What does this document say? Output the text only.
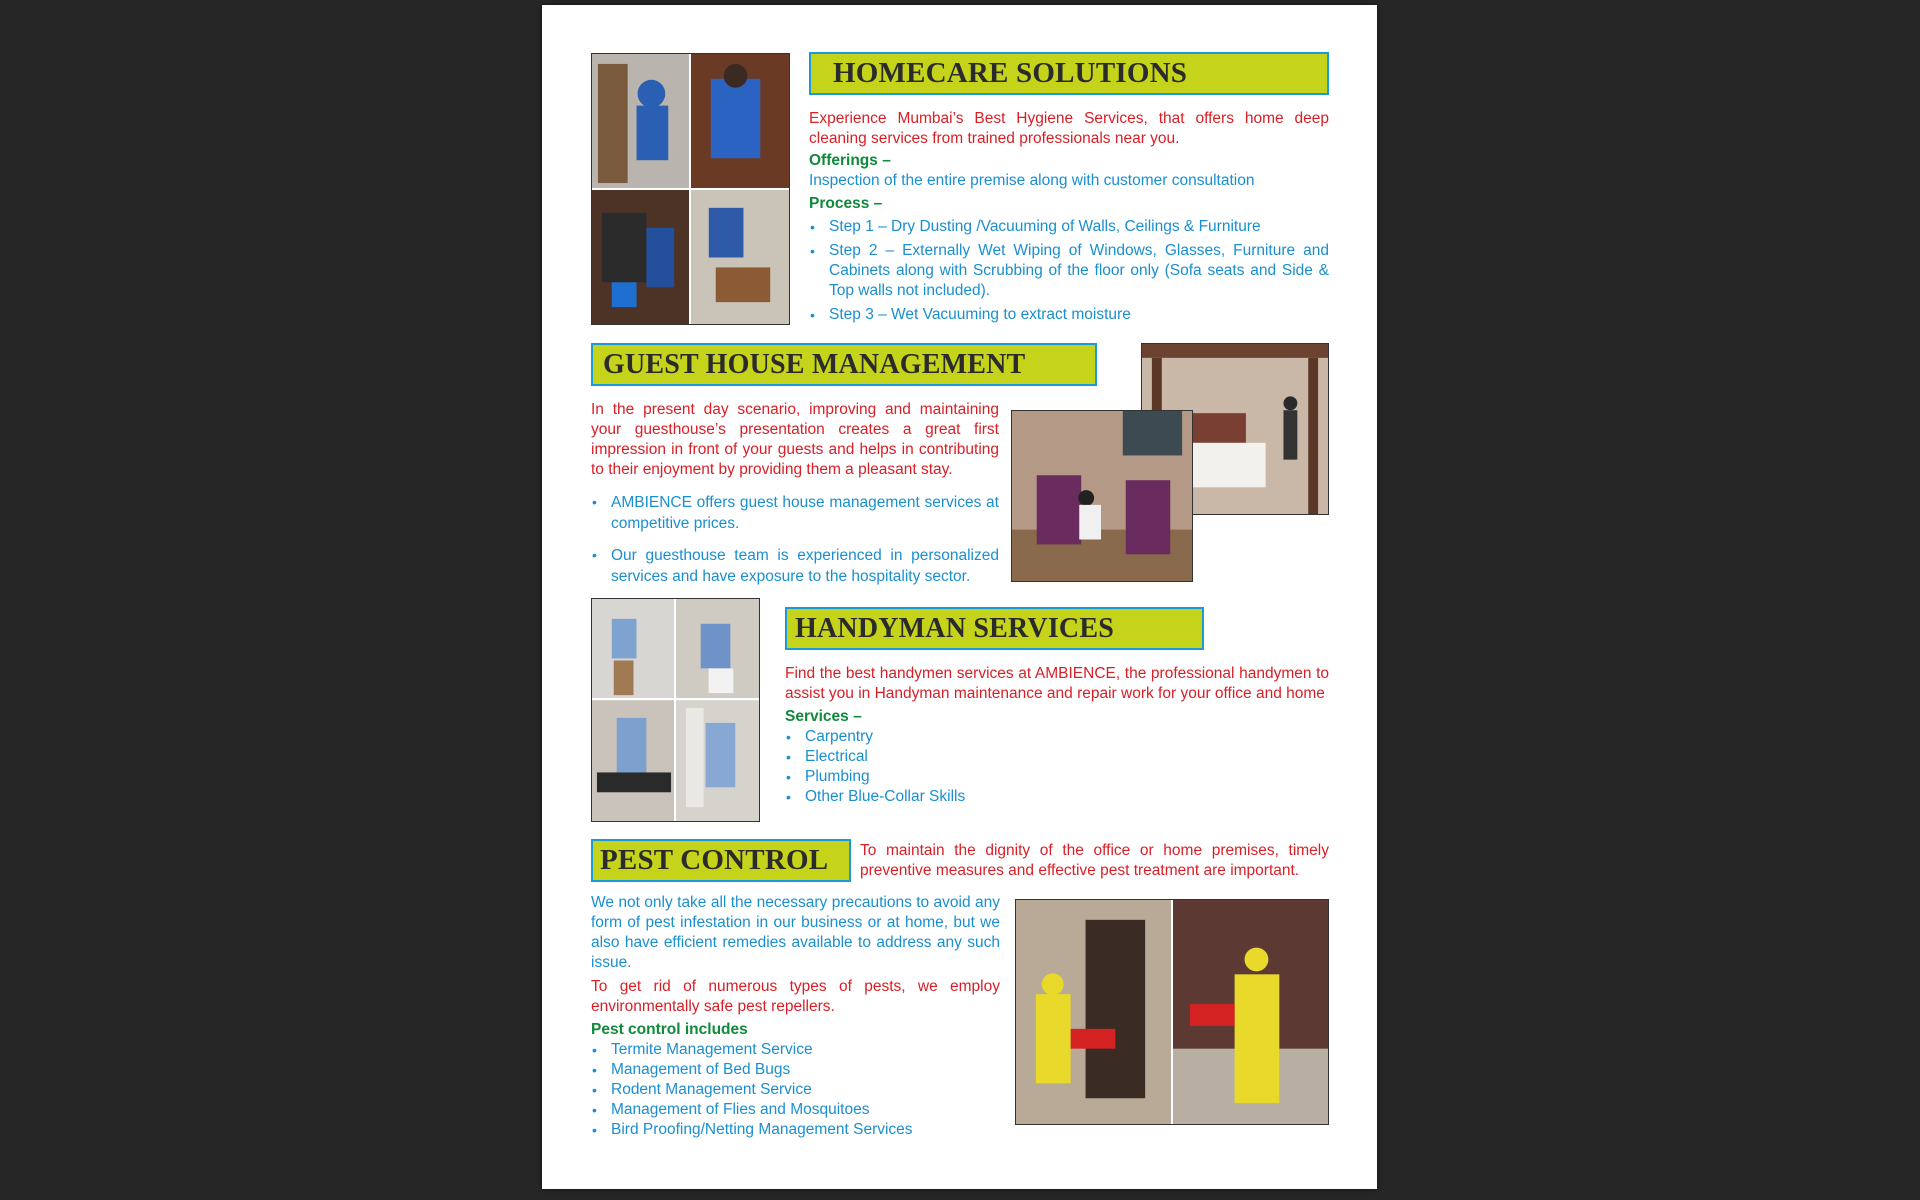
HOMECARE SOLUTIONS

Experience Mumbai’s Best Hygiene Services, that offers home deep cleaning services from trained professionals near you.

Offerings –

Inspection of the entire premise along with customer consultation

Process –

• Step 1 – Dry Dusting /Vacuuming of Walls, Ceilings & Furniture
• Step 2 – Externally Wet Wiping of Windows, Glasses, Furniture and Cabinets along with Scrubbing of the floor only (Sofa seats and Side & Top walls not included).
• Step 3 – Wet Vacuuming to extract moisture
GUEST HOUSE MANAGEMENT

In the present day scenario, improving and maintaining your guesthouse’s presentation creates a great first impression in front of your guests and helps in contributing to their enjoyment by providing them a pleasant stay.

• AMBIENCE offers guest house management services at competitive prices.
• Our guesthouse team is experienced in personalized services and have exposure to the hospitality sector.
HANDYMAN SERVICES

Find the best handymen services at AMBIENCE, the professional handymen to assist you in Handyman maintenance and repair work for your office and home

Services –

• Carpentry
• Electrical
• Plumbing
• Other Blue-Collar Skills
PEST CONTROL To maintain the dignity of the office or home premises, timely preventive measures and effective pest treatment are important.

We not only take all the necessary precautions to avoid any form of pest infestation in our business or at home, but we also have efficient remedies available to address any such issue.

To get rid of numerous types of pests, we employ environmentally safe pest repellers.

Pest control includes

• Termite Management Service
• Management of Bed Bugs
• Rodent Management Service
• Management of Flies and Mosquitoes
• Bird Proofing/Netting Management Services
